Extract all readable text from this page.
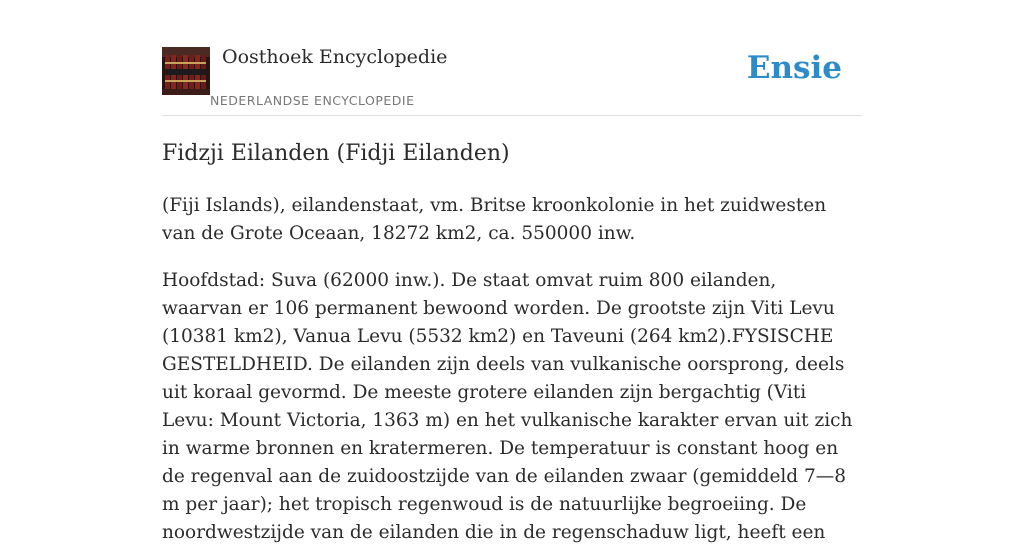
Oosthoek Encyclopedie
NEDERLANDSE ENCYCLOPEDIE
Ensie
Fidzji Eilanden (Fidji Eilanden)

(Fiji Islands), eilandenstaat, vm. Britse kroonkolonie in het zuidwesten van de Grote Oceaan, 18272 km2, ca. 550000 inw.

Hoofdstad: Suva (62000 inw.). De staat omvat ruim 800 eilanden, waarvan er 106 permanent bewoond worden. De grootste zijn Viti Levu (10381 km2), Vanua Levu (5532 km2) en Taveuni (264 km2).FYSISCHE GESTELDHEID. De eilanden zijn deels van vulkanische oorsprong, deels uit koraal gevormd. De meeste grotere eilanden zijn bergachtig (Viti Levu: Mount Victoria, 1363 m) en het vulkanische karakter ervan uit zich in warme bronnen en kratermeren. De temperatuur is constant hoog en de regenval aan de zuidoostzijde van de eilanden zwaar (gemiddeld 7—8 m per jaar); het tropisch regenwoud is de natuurlijke begroeiing. De noordwestzijde van de eilanden die in de regenschaduw ligt, heeft een
